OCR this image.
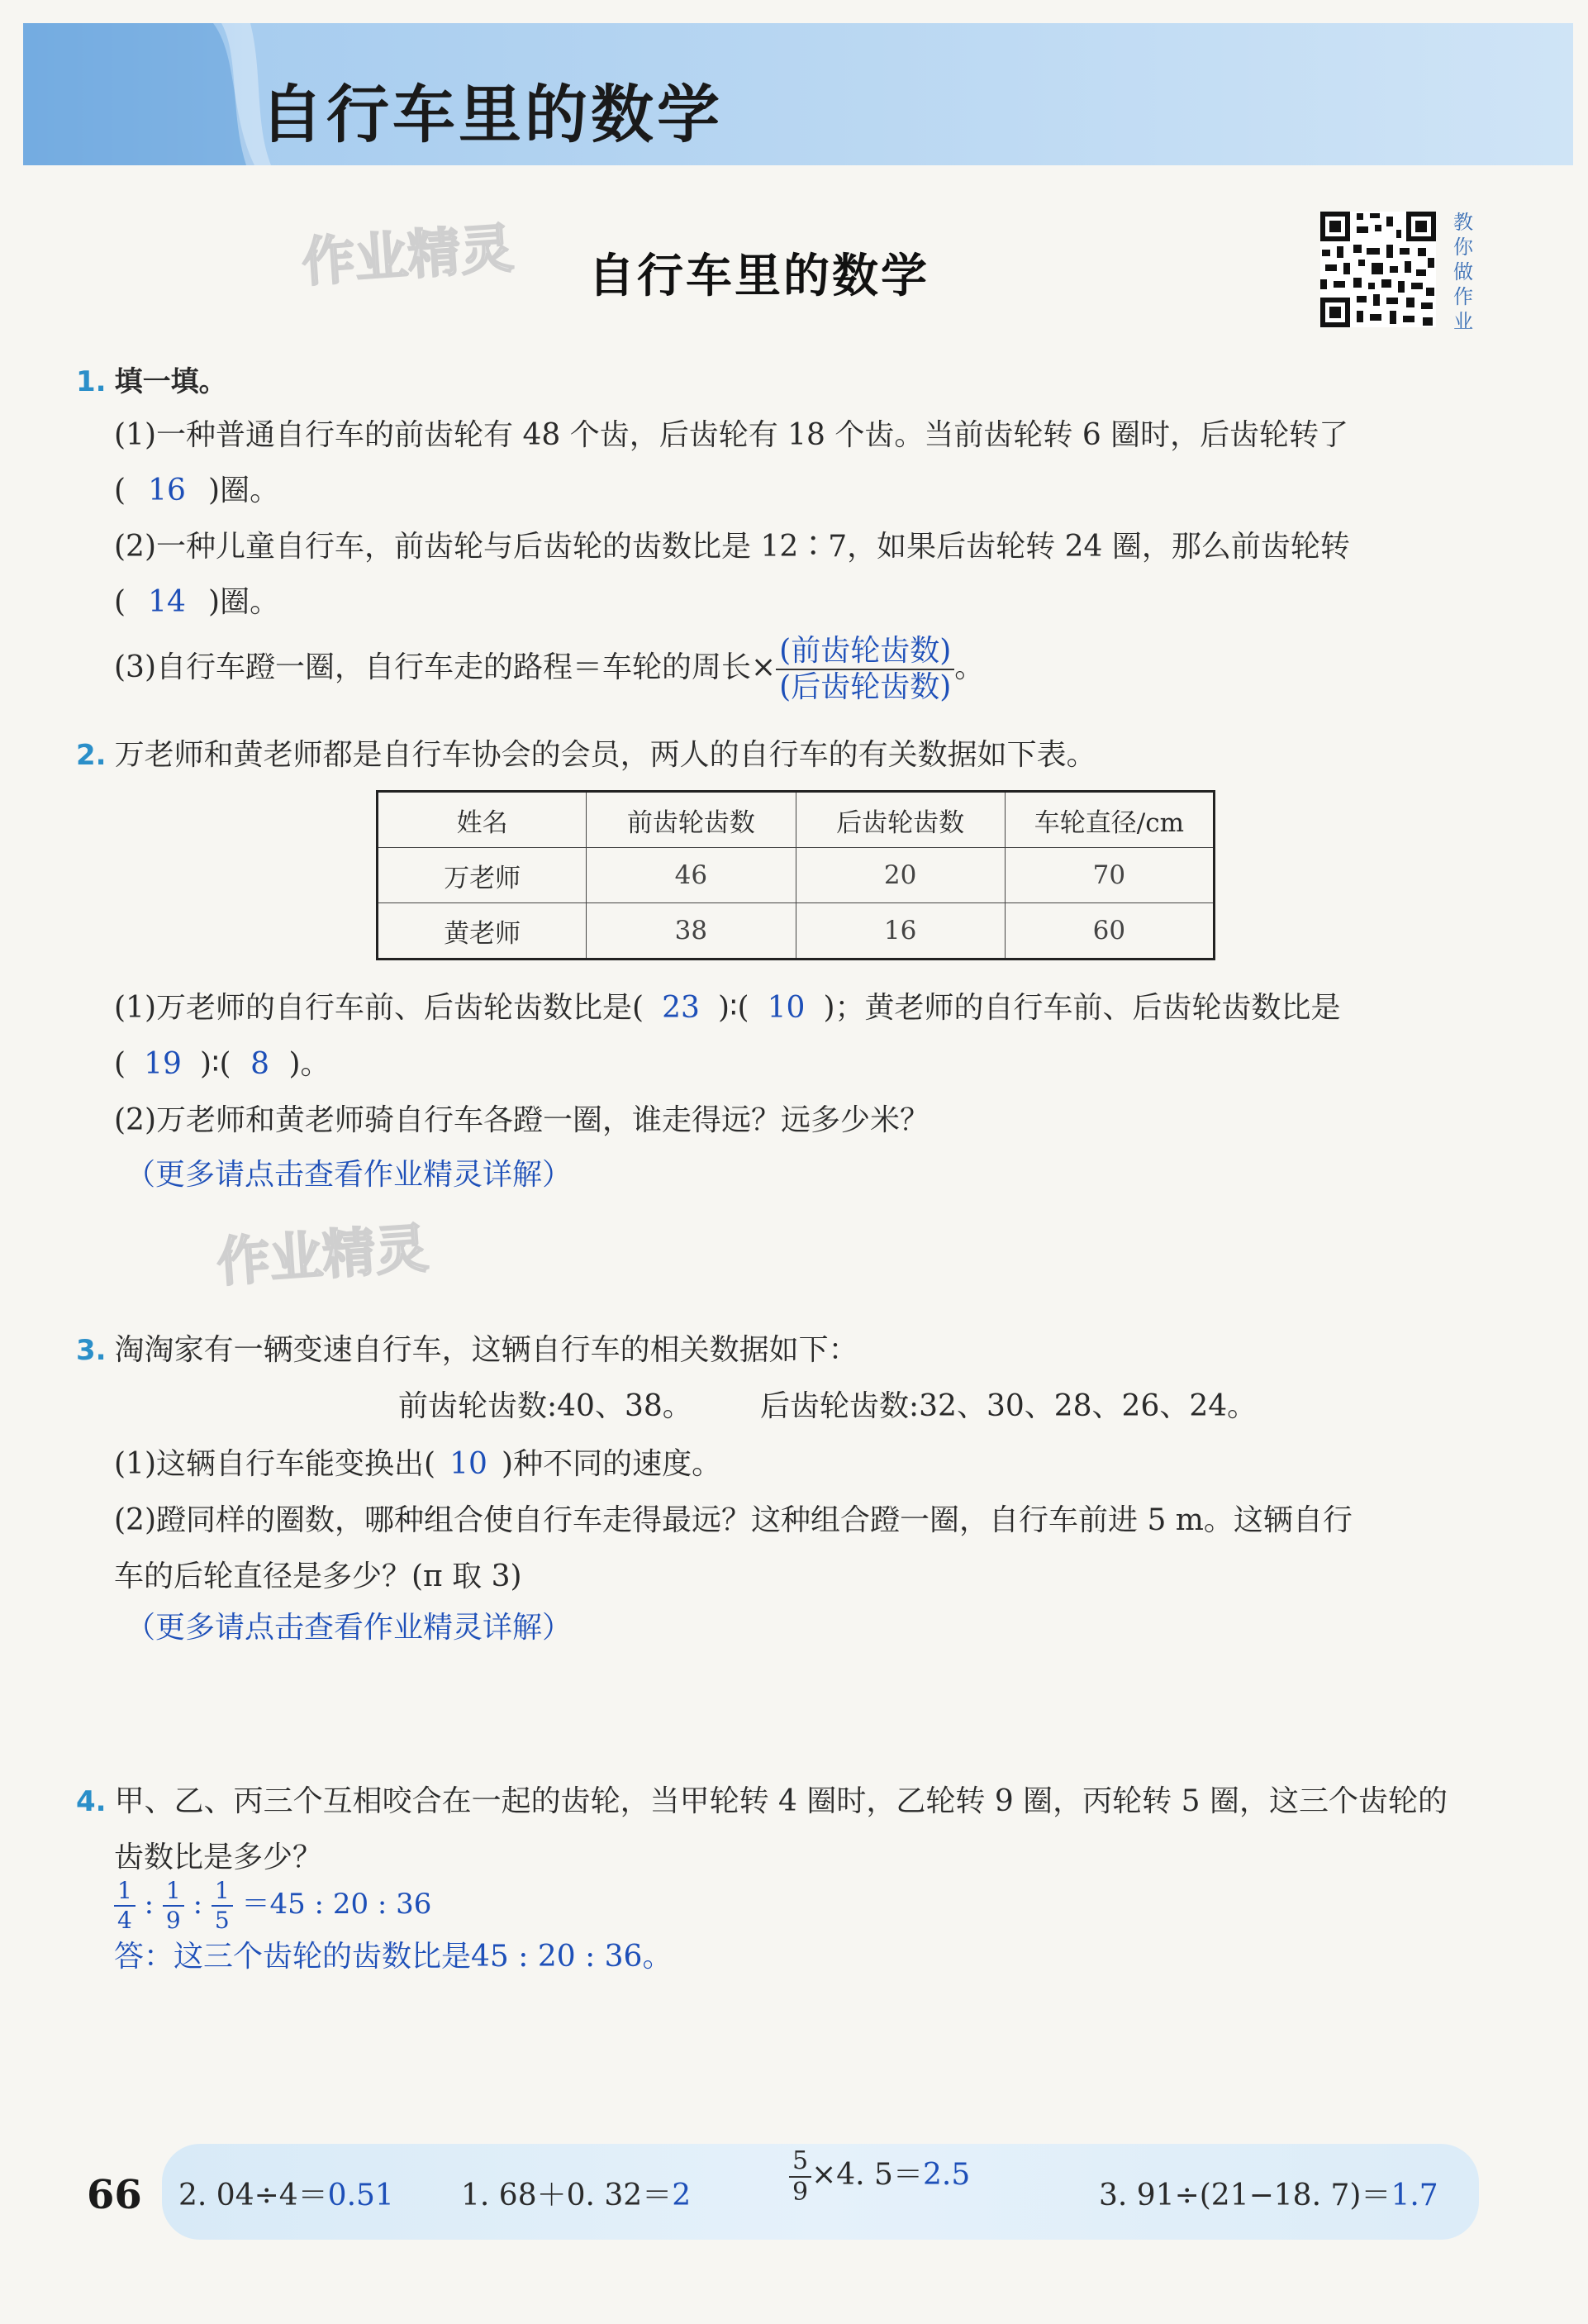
自行车里的数学
作业精灵 自行车里的数学
教
你
做
作
业
1. 填一填。
(1)一种普通自行车的前齿轮有 48 个齿，后齿轮有 18 个齿。当前齿轮转 6 圈时，后齿轮转了
( 16 )圈。
(2)一种儿童自行车，前齿轮与后齿轮的齿数比是 12∶7，如果后齿轮转 24 圈，那么前齿轮转
( 14 )圈。
(3)自行车蹬一圈，自行车走的路程＝车轮的周长× $\frac{\text{(前齿轮齿数)}}{\text{(后齿轮齿数)}}$ 。
2. 万老师和黄老师都是自行车协会的会员，两人的自行车的有关数据如下表。
姓名	前齿轮齿数	后齿轮齿数	车轮直径/cm
万老师	46	20	70
黄老师	38	16	60
(1)万老师的自行车前、后齿轮齿数比是( 23 )∶( 10 )；黄老师的自行车前、后齿轮齿数比是
( 19 )∶( 8 )。
(2)万老师和黄老师骑自行车各蹬一圈，谁走得远？远多少米？
（更多请点击查看作业精灵详解）
作业精灵
3. 淘淘家有一辆变速自行车，这辆自行车的相关数据如下：
前齿轮齿数:40、38。 后齿轮齿数:32、30、28、26、24。
(1)这辆自行车能变换出( 10 )种不同的速度。
(2)蹬同样的圈数，哪种组合使自行车走得最远？这种组合蹬一圈，自行车前进 5 m。这辆自行
车的后轮直径是多少？(π 取 3)
（更多请点击查看作业精灵详解）
4. 甲、乙、丙三个互相咬合在一起的齿轮，当甲轮转 4 圈时，乙轮转 9 圈，丙轮转 5 圈，这三个齿轮的
齿数比是多少？
$\frac{1}{4}$ : $\frac{1}{9}$ : $\frac{1}{5} =45$ : 20 : 36
答：这三个齿轮的齿数比是45 : 20 : 36。
66 2. 04÷4＝0.51 1. 68＋0. 32＝2	$\frac{5}{9} \times 4$. 5＝2.5
3. 91÷(21−18. 7)＝1.7
